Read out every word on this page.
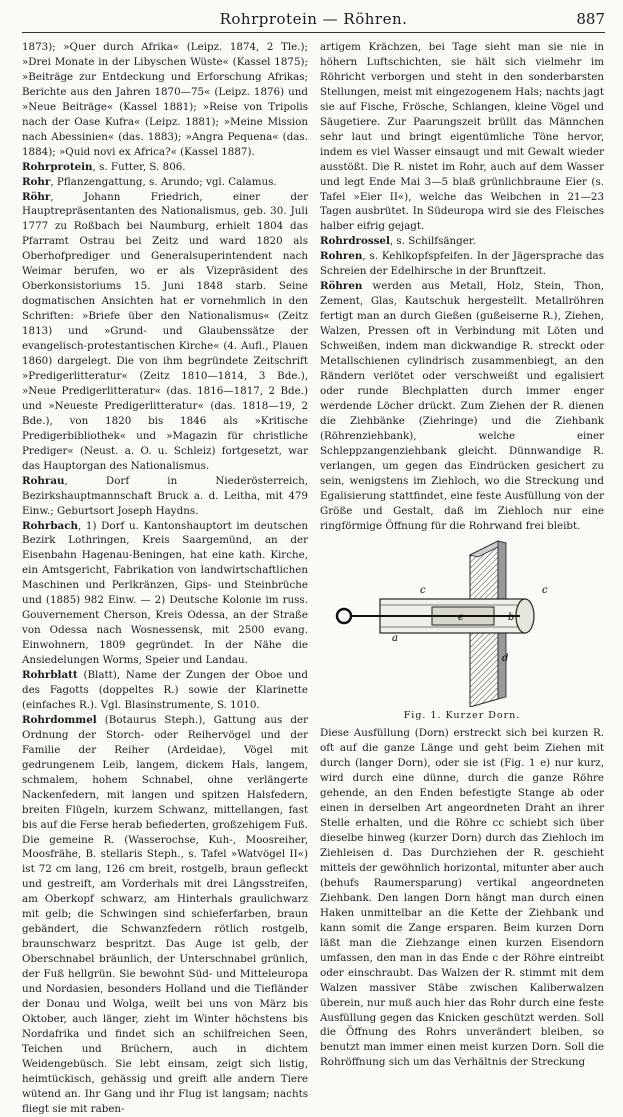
Rohrprotein — Röhren.	887

1873); »Quer durch Afrika« (Leipz. 1874, 2 Tle.); »Drei Monate in der Libyschen Wüste« (Kassel 1875); »Beiträge zur Entdeckung und Erforschung Afrikas; Berichte aus den Jahren 1870—75« (Leipz. 1876) und »Neue Beiträge« (Kassel 1881); »Reise von Tripolis nach der Oase Kufra« (Leipz. 1881); »Meine Mission nach Abessinien« (das. 1883); »Angra Pequena« (das. 1884); »Quid novi ex Africa?« (Kassel 1887).

Rohrprotein, s. Futter, S. 806.

Rohr, Pflanzengattung, s. Arundo; vgl. Calamus.

Röhr, Johann Friedrich, einer der Hauptrepräsentanten des Nationalismus, geb. 30. Juli 1777 zu Roßbach bei Naumburg, erhielt 1804 das Pfarramt Ostrau bei Zeitz und ward 1820 als Oberhofprediger und Generalsuperintendent nach Weimar berufen, wo er als Vizepräsident des Oberkonsistoriums 15. Juni 1848 starb. Seine dogmatischen Ansichten hat er vornehmlich in den Schriften: »Briefe über den Nationalismus« (Zeitz 1813) und »Grund- und Glaubenssätze der evangelisch-protestantischen Kirche« (4. Aufl., Plauen 1860) dargelegt. Die von ihm begründete Zeitschrift »Predigerlitteratur« (Zeitz 1810—1814, 3 Bde.), »Neue Predigerlitteratur« (das. 1816—1817, 2 Bde.) und »Neueste Predigerlitteratur« (das. 1818—19, 2 Bde.), von 1820 bis 1846 als »Kritische Predigerbibliothek« und »Magazin für christliche Prediger« (Neust. a. O. u. Schleiz) fortgesetzt, war das Hauptorgan des Nationalismus.

Rohrau, Dorf in Niederösterreich, Bezirkshauptmannschaft Bruck a. d. Leitha, mit 479 Einw.; Geburtsort Joseph Haydns.

Rohrbach, 1) Dorf u. Kantonshauptort im deutschen Bezirk Lothringen, Kreis Saargemünd, an der Eisenbahn Hagenau-Beningen, hat eine kath. Kirche, ein Amtsgericht, Fabrikation von landwirtschaftlichen Maschinen und Perlkränzen, Gips- und Steinbrüche und (1885) 982 Einw. — 2) Deutsche Kolonie im russ. Gouvernement Cherson, Kreis Odessa, an der Straße von Odessa nach Wosnessensk, mit 2500 evang. Einwohnern, 1809 gegründet. In der Nähe die Ansiedelungen Worms, Speier und Landau.

Rohrblatt (Blatt), Name der Zungen der Oboe und des Fagotts (doppeltes R.) sowie der Klarinette (einfaches R.). Vgl. Blasinstrumente, S. 1010.

Rohrdommel (Botaurus Steph.), Gattung aus der Ordnung der Storch- oder Reihervögel und der Familie der Reiher (Ardeidae), Vögel mit gedrungenem Leib, langem, dickem Hals, langem, schmalem, hohem Schnabel, ohne verlängerte Nackenfedern, mit langen und spitzen Halsfedern, breiten Flügeln, kurzem Schwanz, mittellangen, fast bis auf die Ferse herab befiederten, großzehigem Fuß. Die gemeine R. (Wasserochse, Kuh-, Moosreiher, Moosfrähe, B. stellaris Steph., s. Tafel »Watvögel II«) ist 72 cm lang, 126 cm breit, rostgelb, braun gefleckt und gestreift, am Vorderhals mit drei Längsstreifen, am Oberkopf schwarz, am Hinterhals graulichwarz mit gelb; die Schwingen sind schieferfarben, braun gebändert, die Schwanzfedern rötlich rostgelb, braunschwarz bespritzt. Das Auge ist gelb, der Oberschnabel bräunlich, der Unterschnabel grünlich, der Fuß hellgrün. Sie bewohnt Süd- und Mitteleuropa und Nordasien, besonders Holland und die Tiefländer der Donau und Wolga, weilt bei uns von März bis Oktober, auch länger, zieht im Winter höchstens bis Nordafrika und findet sich an schilfreichen Seen, Teichen und Brüchern, auch in dichtem Weidengebüsch. Sie lebt einsam, zeigt sich listig, heimtückisch, gehässig und greift alle andern Tiere wütend an. Ihr Gang und ihr Flug ist langsam; nachts fliegt sie mit raben-

artigem Krächzen, bei Tage sieht man sie nie in höhern Luftschichten, sie hält sich vielmehr im Röhricht verborgen und steht in den sonderbarsten Stellungen, meist mit eingezogenem Hals; nachts jagt sie auf Fische, Frösche, Schlangen, kleine Vögel und Säugetiere. Zur Paarungszeit brüllt das Männchen sehr laut und bringt eigentümliche Töne hervor, indem es viel Wasser einsaugt und mit Gewalt wieder ausstößt. Die R. nistet im Rohr, auch auf dem Wasser und legt Ende Mai 3—5 blaß grünlichbraune Eier (s. Tafel »Eier II«), welche das Weibchen in 21—23 Tagen ausbrütet. In Südeuropa wird sie des Fleisches halber eifrig gejagt.

Rohrdrossel, s. Schilfsänger.

Rohren, s. Kehlkopfspfeifen. In der Jägersprache das Schreien der Edelhirsche in der Brunftzeit.

Röhren werden aus Metall, Holz, Stein, Thon, Zement, Glas, Kautschuk hergestellt. Metallröhren fertigt man an durch Gießen (gußeiserne R.), Ziehen, Walzen, Pressen oft in Verbindung mit Löten und Schweißen, indem man dickwandige R. streckt oder Metallschienen cylindrisch zusammenbiegt, an den Rändern verlötet oder verschweißt und egalisiert oder runde Blechplatten durch immer enger werdende Löcher drückt. Zum Ziehen der R. dienen die Ziehbänke (Ziehringe) und die Ziehbank (Röhrenziehbank), welche einer Schleppzangenziehbank gleicht. Dünnwandige R. verlangen, um gegen das Eindrücken gesichert zu sein, wenigstens im Ziehloch, wo die Streckung und Egalisierung stattfindet, eine feste Ausfüllung von der Größe und Gestalt, daß im Ziehloch nur eine ringförmige Öffnung für die Rohrwand frei bleibt.

c	c
a
e	b
d
Fig. 1. Kurzer Dorn.

Diese Ausfüllung (Dorn) erstreckt sich bei kurzen R. oft auf die ganze Länge und geht beim Ziehen mit durch (langer Dorn), oder sie ist (Fig. 1 e) nur kurz, wird durch eine dünne, durch die ganze Röhre gehende, an den Enden befestigte Stange ab oder einen in derselben Art angeordneten Draht an ihrer Stelle erhalten, und die Röhre cc schiebt sich über dieselbe hinweg (kurzer Dorn) durch das Ziehloch im Ziehleisen d. Das Durchziehen der R. geschieht mittels der gewöhnlich horizontal, mitunter aber auch (behufs Raumersparung) vertikal angeordneten Ziehbank. Den langen Dorn hängt man durch einen Haken unmittelbar an die Kette der Ziehbank und kann somit die Zange ersparen. Beim kurzen Dorn läßt man die Ziehzange einen kurzen Eisendorn umfassen, den man in das Ende c der Röhre eintreibt oder einschraubt. Das Walzen der R. stimmt mit dem Walzen massiver Stäbe zwischen Kaliberwalzen überein, nur muß auch hier das Rohr durch eine feste Ausfüllung gegen das Knicken geschützt werden. Soll die Öffnung des Rohrs unverändert bleiben, so benutzt man immer einen meist kurzen Dorn. Soll die Rohröffnung sich um das Verhältnis der Streckung
